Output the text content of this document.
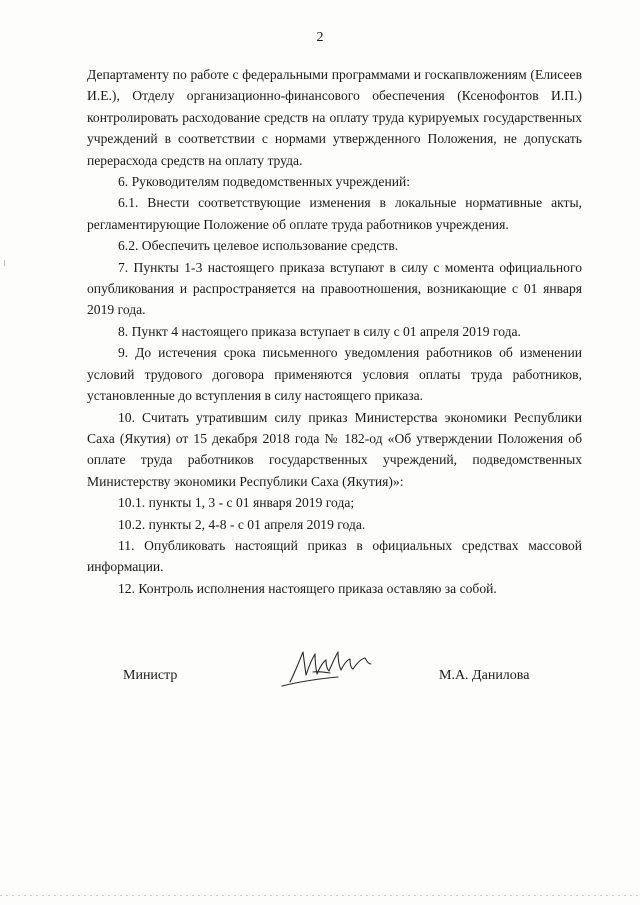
2

Департаменту по работе с федеральными программами и госкапвложениям (Елисеев И.Е.), Отделу организационно-финансового обеспечения (Ксенофонтов И.П.) контролировать расходование средств на оплату труда курируемых государственных учреждений в соответствии с нормами утвержденного Положения, не допускать перерасхода средств на оплату труда.

6. Руководителям подведомственных учреждений:

6.1. Внести соответствующие изменения в локальные нормативные акты, регламентирующие Положение об оплате труда работников учреждения.

6.2. Обеспечить целевое использование средств.

7. Пункты 1-3 настоящего приказа вступают в силу с момента официального опубликования и распространяется на правоотношения, возникающие с 01 января 2019 года.

8. Пункт 4 настоящего приказа вступает в силу с 01 апреля 2019 года.

9. До истечения срока письменного уведомления работников об изменении условий трудового договора применяются условия оплаты труда работников, установленные до вступления в силу настоящего приказа.

10. Считать утратившим силу приказ Министерства экономики Республики Саха (Якутия) от 15 декабря 2018 года № 182-од «Об утверждении Положения об оплате труда работников государственных учреждений, подведомственных Министерству экономики Республики Саха (Якутия)»:

10.1. пункты 1, 3 - с 01 января 2019 года;

10.2. пункты 2, 4-8 - с 01 апреля 2019 года.

11. Опубликовать настоящий приказ в официальных средствах массовой информации.

12. Контроль исполнения настоящего приказа оставляю за собой.

Министр	М.А. Данилова
